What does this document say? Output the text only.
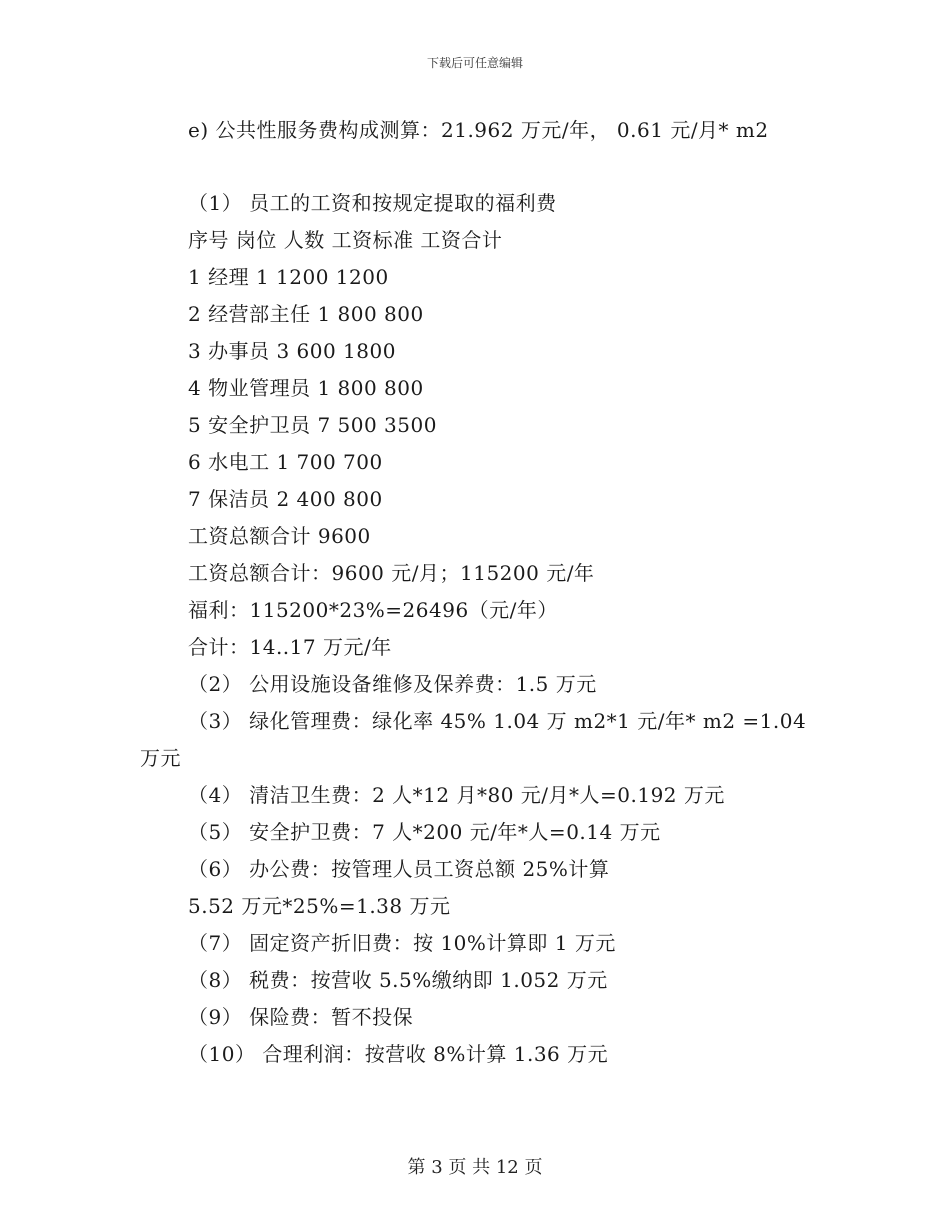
下载后可任意编辑
e) 公共性服务费构成测算：21.962 万元/年， 0.61 元/月* m2
（1） 员工的工资和按规定提取的福利费
序号 岗位 人数 工资标准 工资合计
1 经理 1 1200 1200
2 经营部主任 1 800 800
3 办事员 3 600 1800
4 物业管理员 1 800 800
5 安全护卫员 7 500 3500
6 水电工 1 700 700
7 保洁员 2 400 800
工资总额合计 9600
工资总额合计：9600 元/月；115200 元/年
福利：115200*23%=26496（元/年）
合计：14..17 万元/年
（2） 公用设施设备维修及保养费：1.5 万元
（3） 绿化管理费：绿化率 45% 1.04 万 m2*1 元/年* m2 =1.04
万元
（4） 清洁卫生费：2 人*12 月*80 元/月*人=0.192 万元
（5） 安全护卫费：7 人*200 元/年*人=0.14 万元
（6） 办公费：按管理人员工资总额 25%计算
5.52 万元*25%=1.38 万元
（7） 固定资产折旧费：按 10%计算即 1 万元
（8） 税费：按营收 5.5%缴纳即 1.052 万元
（9） 保险费：暂不投保
（10） 合理利润：按营收 8%计算 1.36 万元
第 3 页 共 12 页
